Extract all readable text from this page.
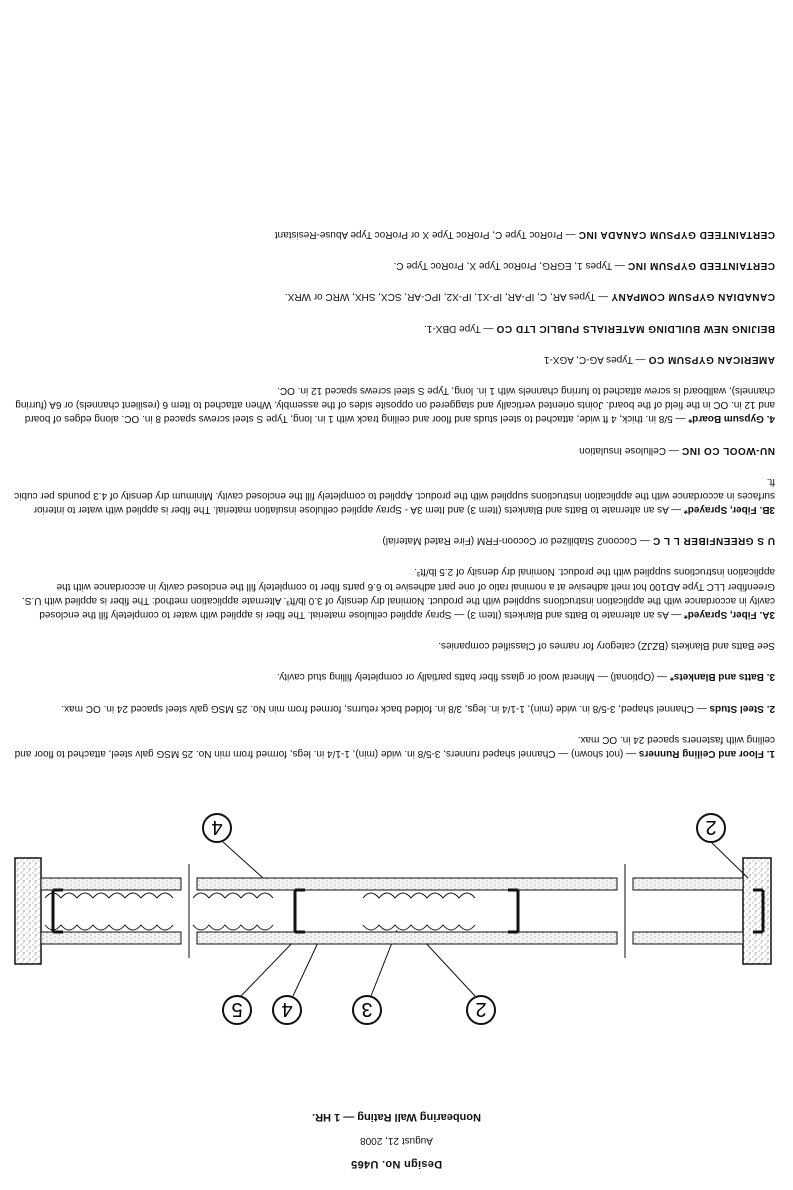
Design No. U465
August 21, 2008
Nonbearing Wall Rating — 1 HR.
2
3
4
5
2
4

1. Floor and Ceiling Runners — (not shown) — Channel shaped runners, 3-5/8 in. wide (min), 1-1/4 in. legs, formed from min No. 25 MSG galv steel, attached to floor and ceiling with fasteners spaced 24 in. OC max.

2. Steel Studs — Channel shaped, 3-5/8 in. wide (min), 1-1/4 in. legs, 3/8 in. folded back returns, formed from min No. 25 MSG galv steel spaced 24 in. OC max.

3. Batts and Blankets* — (Optional) — Mineral wool or glass fiber batts partially or completely filling stud cavity.

See Batts and Blankets (BZJZ) category for names of Classified companies.

3A. Fiber, Sprayed* — As an alternate to Batts and Blankets (Item 3) — Spray applied cellulose material. The fiber is applied with water to completely fill the enclosed cavity in accordance with the application instructions supplied with the product. Nominal dry density of 3.0 lb/ft³. Alternate application method: The fiber is applied with U.S. Greenfiber LLC Type AD100 hot melt adhesive at a nominal ratio of one part adhesive to 6.6 parts fiber to completely fill the enclosed cavity in accordance with the application instructions supplied with the product. Nominal dry density of 2.5 lb/ft³.

U S GREENFIBER L L C — Cocoon2 Stabilized or Cocoon-FRM (Fire Rated Material)

3B. Fiber, Sprayed* — As an alternate to Batts and Blankets (Item 3) and Item 3A - Spray applied cellulose insulation material. The fiber is applied with water to interior surfaces in accordance with the application instructions supplied with the product. Applied to completely fill the enclosed cavity. Minimum dry density of 4.3 pounds per cubic ft.

NU-WOOL CO INC — Cellulose Insulation

4. Gypsum Board* — 5/8 in. thick, 4 ft wide, attached to steel studs and floor and ceiling track with 1 in. long, Type S steel screws spaced 8 in. OC. along edges of board and 12 in. OC in the field of the board. Joints oriented vertically and staggered on opposite sides of the assembly. When attached to Item 6 (resilient channels) or 6A (furring channels), wallboard is screw attached to furring channels with 1 in. long, Type S steel screws spaced 12 in. OC.

AMERICAN GYPSUM CO — Types AG-C, AGX-1

BEIJING NEW BUILDING MATERIALS PUBLIC LTD CO — Type DBX-1.

CANADIAN GYPSUM COMPANY — Types AR, C, IP-AR, IP-X1, IP-X2, IPC-AR, SCX, SHX, WRC or WRX.

CERTAINTEED GYPSUM INC — Types 1, EGRG, ProRoc Type X, ProRoc Type C.

CERTAINTEED GYPSUM CANADA INC — ProRoc Type C, ProRoc Type X or ProRoc Type Abuse-Resistant
